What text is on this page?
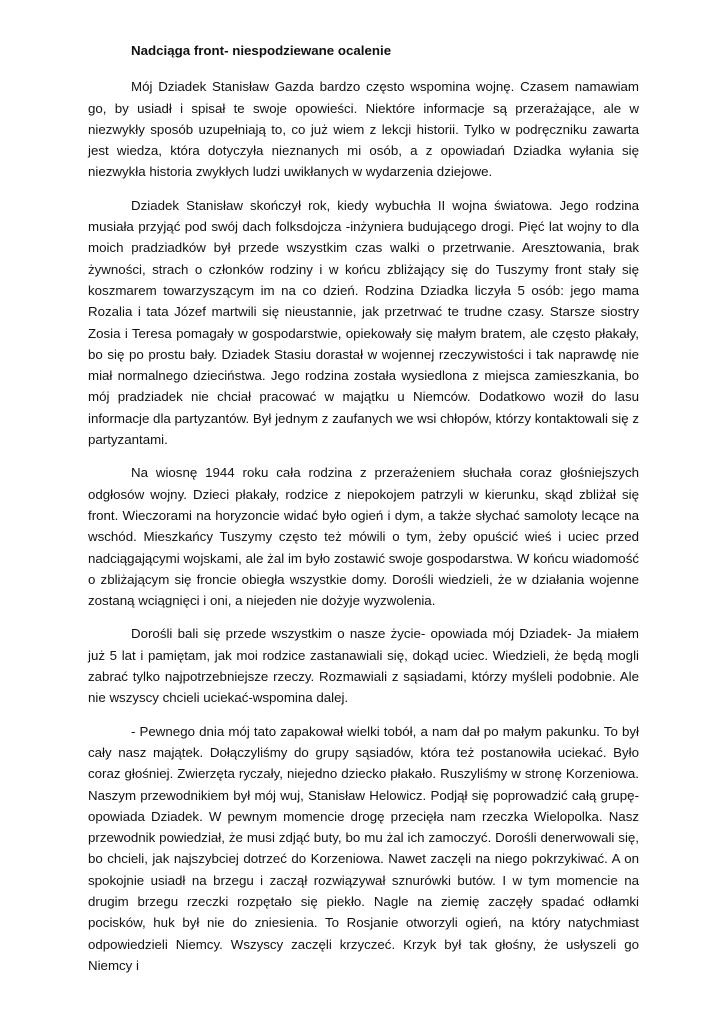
Nadciąga front- niespodziewane ocalenie

Mój Dziadek Stanisław Gazda bardzo często wspomina wojnę. Czasem namawiam go, by usiadł i spisał te swoje opowieści. Niektóre informacje są przerażające, ale w niezwykły sposób uzupełniają to, co już wiem z lekcji historii. Tylko w podręczniku zawarta jest wiedza, która dotyczyła nieznanych mi osób, a z opowiadań Dziadka wyłania się niezwykła historia zwykłych ludzi uwikłanych w wydarzenia dziejowe.

Dziadek Stanisław skończył rok, kiedy wybuchła II wojna światowa. Jego rodzina musiała przyjąć pod swój dach folksdojcza -inżyniera budującego drogi. Pięć lat wojny to dla moich pradziadków był przede wszystkim czas walki o przetrwanie. Aresztowania, brak żywności, strach o członków rodziny i w końcu zbliżający się do Tuszymy front stały się koszmarem towarzyszącym im na co dzień. Rodzina Dziadka liczyła 5 osób: jego mama Rozalia i tata Józef martwili się nieustannie, jak przetrwać te trudne czasy. Starsze siostry Zosia i Teresa pomagały w gospodarstwie, opiekowały się małym bratem, ale często płakały, bo się po prostu bały. Dziadek Stasiu dorastał w wojennej rzeczywistości i tak naprawdę nie miał normalnego dzieciństwa. Jego rodzina została wysiedlona z miejsca zamieszkania, bo mój pradziadek nie chciał pracować w majątku u Niemców. Dodatkowo woził do lasu informacje dla partyzantów. Był jednym z zaufanych we wsi chłopów, którzy kontaktowali się z partyzantami.

Na wiosnę 1944 roku cała rodzina z przerażeniem słuchała coraz głośniejszych odgłosów wojny. Dzieci płakały, rodzice z niepokojem patrzyli w kierunku, skąd zbliżał się front. Wieczorami na horyzoncie widać było ogień i dym, a także słychać samoloty lecące na wschód. Mieszkańcy Tuszymy często też mówili o tym, żeby opuścić wieś i uciec przed nadciągającymi wojskami, ale żal im było zostawić swoje gospodarstwa. W końcu wiadomość o zbliżającym się froncie obiegła wszystkie domy. Dorośli wiedzieli, że w działania wojenne zostaną wciągnięci i oni, a niejeden nie dożyje wyzwolenia.

Dorośli bali się przede wszystkim o nasze życie- opowiada mój Dziadek- Ja miałem już 5 lat i pamiętam, jak moi rodzice zastanawiali się, dokąd uciec. Wiedzieli, że będą mogli zabrać tylko najpotrzebniejsze rzeczy. Rozmawiali z sąsiadami, którzy myśleli podobnie. Ale nie wszyscy chcieli uciekać-wspomina dalej.

- Pewnego dnia mój tato zapakował wielki tobół, a nam dał po małym pakunku. To był cały nasz majątek. Dołączyliśmy do grupy sąsiadów, która też postanowiła uciekać. Było coraz głośniej. Zwierzęta ryczały, niejedno dziecko płakało. Ruszyliśmy w stronę Korzeniowa. Naszym przewodnikiem był mój wuj, Stanisław Helowicz. Podjął się poprowadzić całą grupę- opowiada Dziadek. W pewnym momencie drogę przecięła nam rzeczka Wielopolka. Nasz przewodnik powiedział, że musi zdjąć buty, bo mu żal ich zamoczyć. Dorośli denerwowali się, bo chcieli, jak najszybciej dotrzeć do Korzeniowa. Nawet zaczęli na niego pokrzykiwać. A on spokojnie usiadł na brzegu i zaczął rozwiązywał sznurówki butów. I w tym momencie na drugim brzegu rzeczki rozpętało się piekło. Nagle na ziemię zaczęły spadać odłamki pocisków, huk był nie do zniesienia. To Rosjanie otworzyli ogień, na który natychmiast odpowiedzieli Niemcy. Wszyscy zaczęli krzyczeć. Krzyk był tak głośny, że usłyszeli go Niemcy i
